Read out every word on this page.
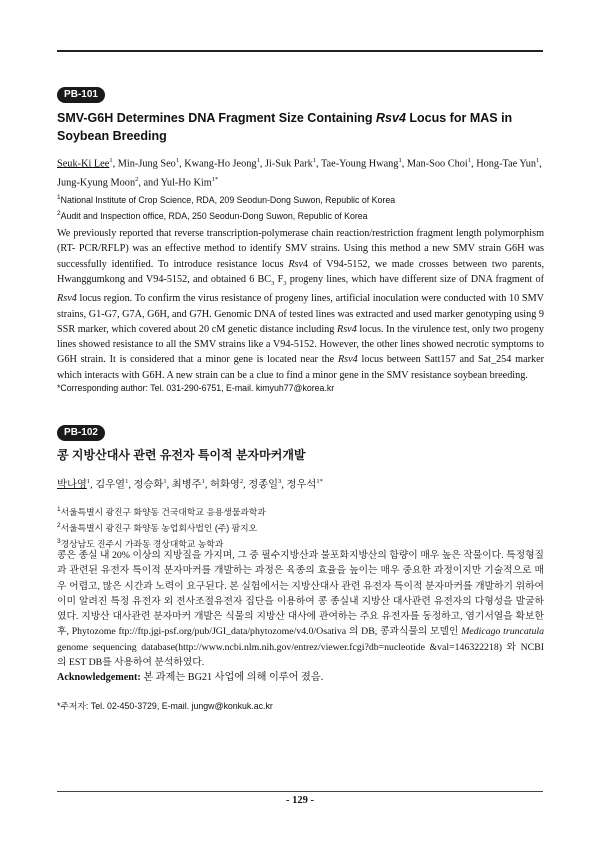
PB-101
SMV-G6H Determines DNA Fragment Size Containing Rsv4 Locus for MAS in Soybean Breeding
Seuk-Ki Lee$^1$, Min-Jung Seo$^1$, Kwang-Ho Jeong$^1$, Ji-Suk Park$^1$, Tae-Young Hwang$^1$, Man-Soo Choi$^1$, Hong-Tae Yun$^1$, Jung-Kyung Moon$^2$, and Yul-Ho Kim$^{1*}$
$^1$National Institute of Crop Science, RDA, 209 Seodun-Dong Suwon, Republic of Korea
$^2$Audit and Inspection office, RDA, 250 Seodun-Dong Suwon, Republic of Korea
We previously reported that reverse transcription-polymerase chain reaction/restriction fragment length polymorphism (RT- PCR/RFLP) was an effective method to identify SMV strains. Using this method a new SMV strain G6H was successfully identified. To introduce resistance locus Rsv4 of V94-5152, we made crosses between two parents, Hwanggumkong and V94-5152, and obtained 6 $BC_3$ $F_3$ progeny lines, which have different size of DNA fragment of Rsv4 locus region. To confirm the virus resistance of progeny lines, artificial inoculation were conducted with 10 SMV strains, G1-G7, G7A, G6H, and G7H. Genomic DNA of tested lines was extracted and used marker genotyping using 9 SSR marker, which covered about 20 cM genetic distance including Rsv4 locus. In the virulence test, only two progeny lines showed resistance to all the SMV strains like a V94-5152. However, the other lines showed necrotic symptoms to G6H strain. It is considered that a minor gene is located near the Rsv4 locus between Satt157 and Sat_254 marker which interacts with G6H. A new strain can be a clue to find a minor gene in the SMV resistance soybean breeding.
*Corresponding author: Tel. 031-290-6751, E-mail. kimyuh77@korea.kr
PB-102
콩 지방산대사 관련 유전자 특이적 분자마커개발
박나영$^1$, 김우열$^1$, 정승화$^1$, 최병주$^1$, 허화영$^2$, 정종일$^3$, 정우석$^{1*}$
$^1$서울특별시 광진구 화양동 건국대학교 응용생물과학과
$^2$서울특별시 광진구 화양동 농업회사법인 (주) 팜지오
$^3$경상남도 진주시 가좌동 경상대학교 농학과
콩은 종실 내 20% 이상의 지방질을 가지며, 그 중 필수지방산과 불포화지방산의 함량이 매우 높은 작물이다. 특정형질과 관련된 유전자 특이적 분자마커를 개발하는 과정은 육종의 효율을 높이는 매우 중요한 과정이지만 기술적으로 매우 어렵고, 많은 시간과 노력이 요구된다. 본 실험에서는 지방산대사 관련 유전자 특이적 분자마커를 개발하기 위하여 이미 알려진 특정 유전자 외 전사조절유전자 집단을 이용하여 콩 종실내 지방산 대사관련 유전자의 다형성을 발굴하였다. 지방산 대사관련 분자마커 개발은 식물의 지방산 대사에 관여하는 주요 유전자를 동정하고, 염기서열을 확보한 후, Phytozome ftp://ftp.jgi-psf.org/pub/JGI_data/phytozome/v4.0/Osativa 의 DB, 콩과식물의 모델인 Medicago truncatula genome sequencing database(http://www.ncbi.nlm.nih.gov/entrez/viewer.fcgi?db=nucleotide &val=146322218) 와 NCBI 의 EST DB를 사용하여 분석하였다.
Acknowledgement: 본 과제는 BG21 사업에 의해 이루어 졌음.
*주저자: Tel. 02-450-3729, E-mail. jungw@konkuk.ac.kr
- 129 -
